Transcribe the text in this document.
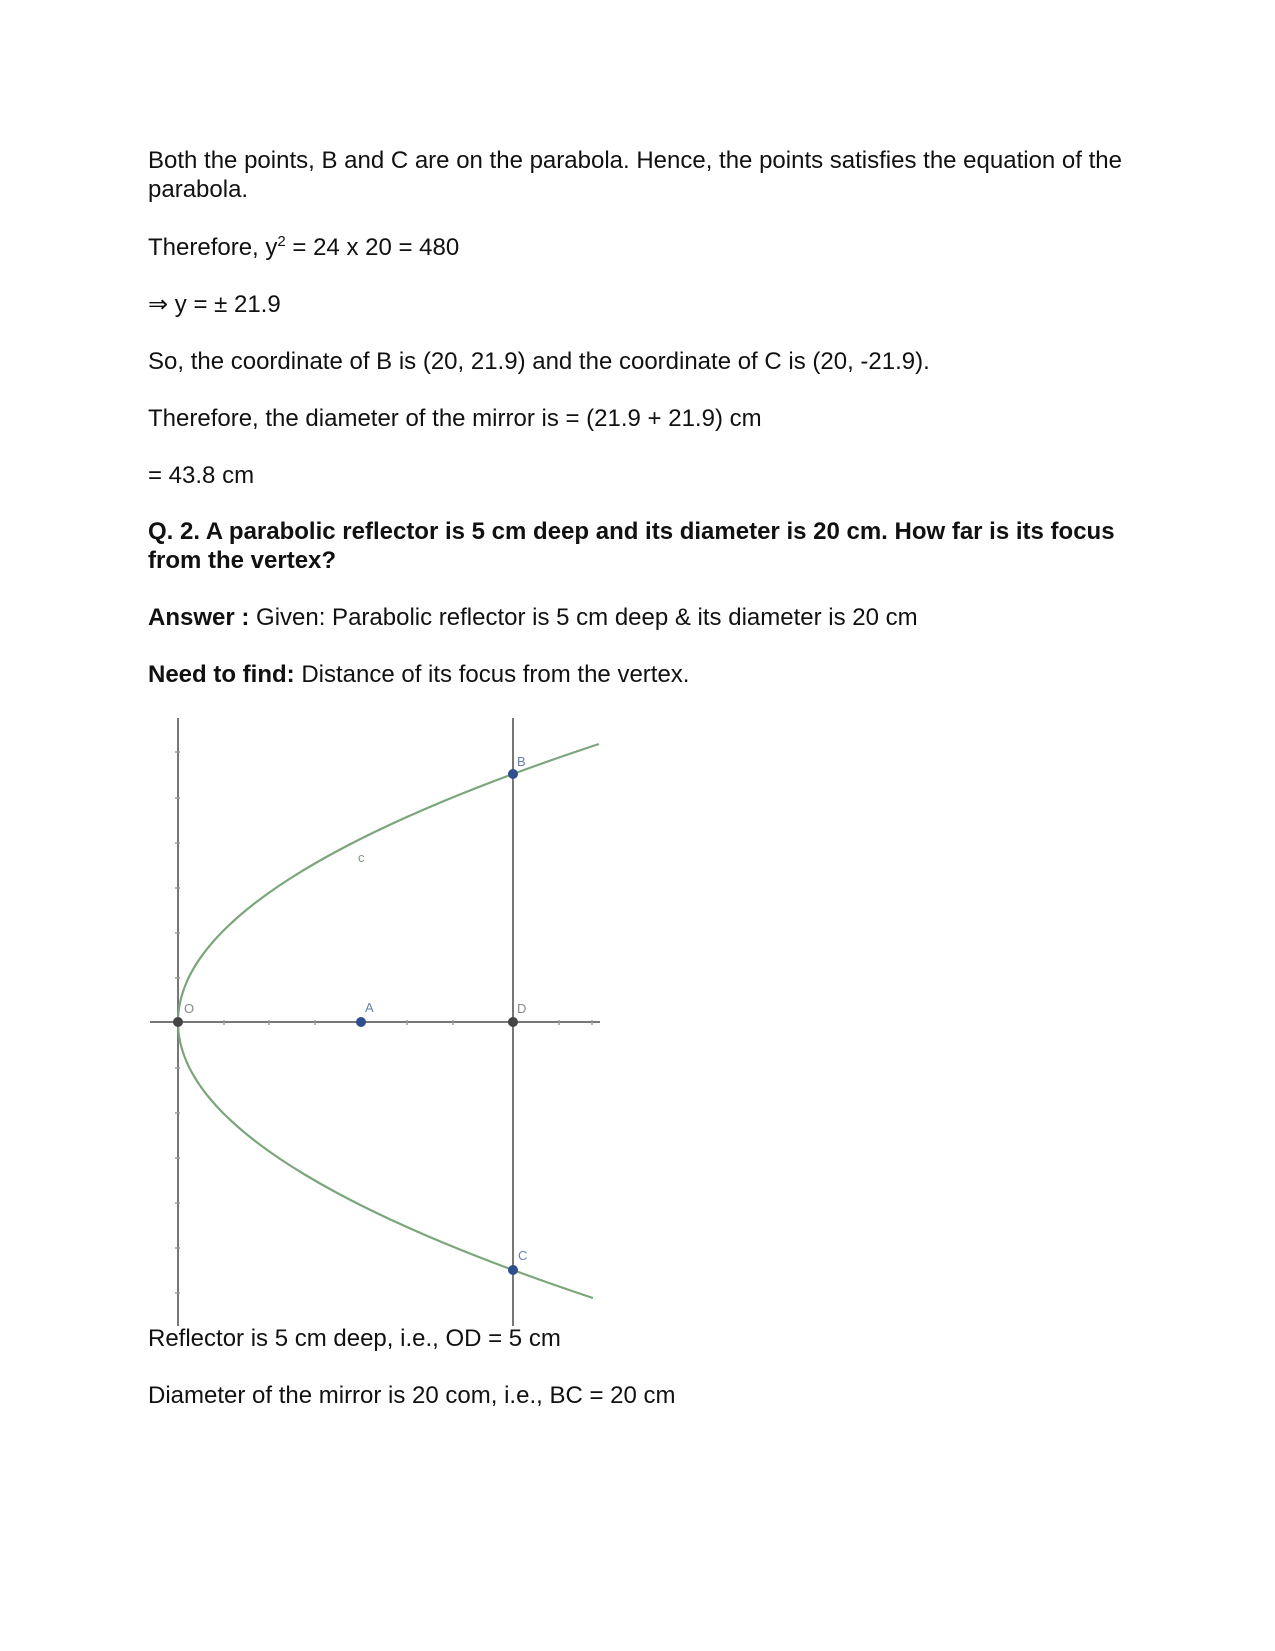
Both the points, B and C are on the parabola. Hence, the points satisfies the equation of the parabola.

Therefore, $y^2 = 24$ x 20 = 480

⇒ y = ± 21.9

So, the coordinate of B is (20, 21.9) and the coordinate of C is (20, -21.9).

Therefore, the diameter of the mirror is = (21.9 + 21.9) cm

= 43.8 cm

Q. 2. A parabolic reflector is 5 cm deep and its diameter is 20 cm. How far is its focus from the vertex?

Answer : Given: Parabolic reflector is 5 cm deep & its diameter is 20 cm

Need to find: Distance of its focus from the vertex.

c
O	A	D
B
C

Reflector is 5 cm deep, i.e., OD = 5 cm

Diameter of the mirror is 20 com, i.e., BC = 20 cm
